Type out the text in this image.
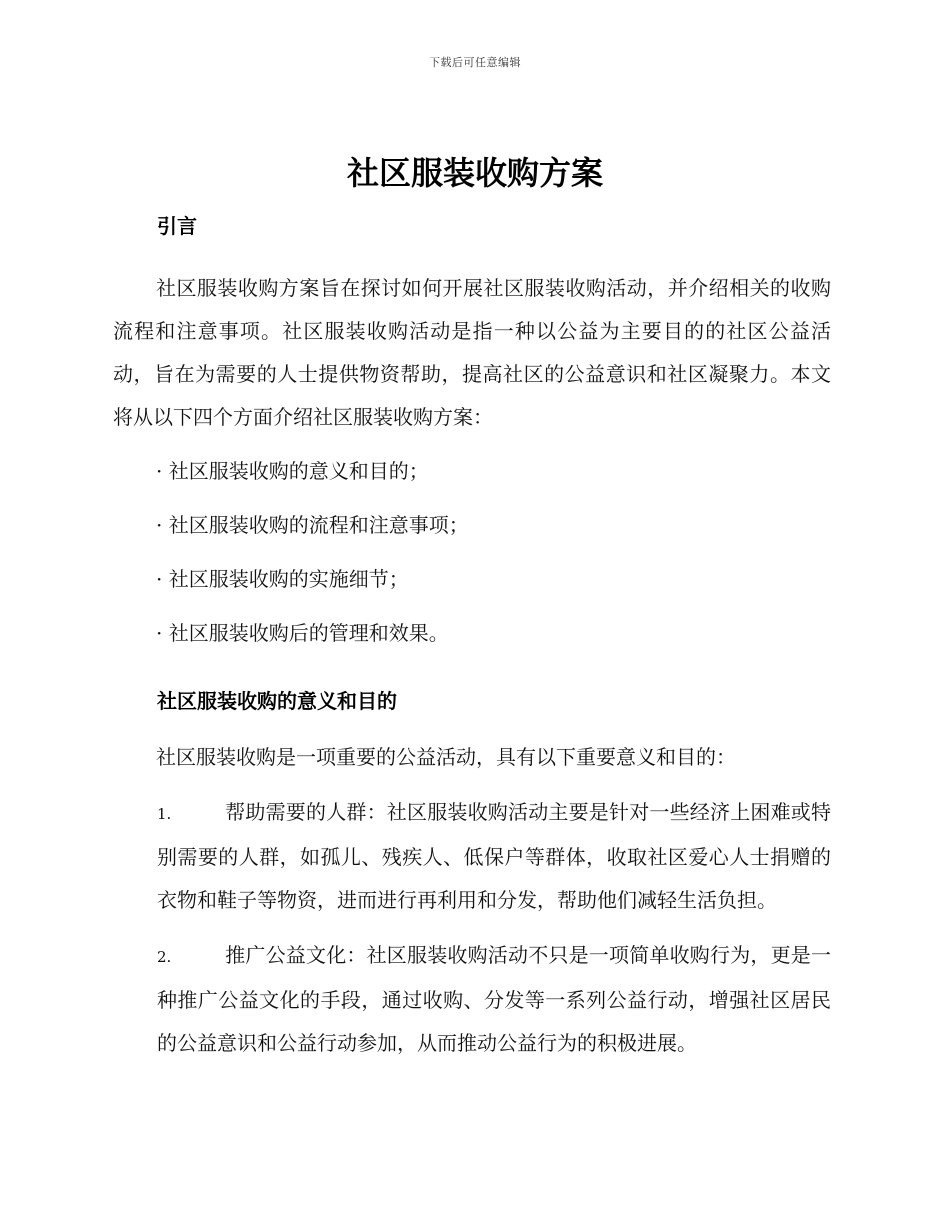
下载后可任意编辑
社区服装收购方案
引言

社区服装收购方案旨在探讨如何开展社区服装收购活动，并介绍相关的收购流程和注意事项。社区服装收购活动是指一种以公益为主要目的的社区公益活动，旨在为需要的人士提供物资帮助，提高社区的公益意识和社区凝聚力。本文将从以下四个方面介绍社区服装收购方案：

· 社区服装收购的意义和目的；
· 社区服装收购的流程和注意事项；
· 社区服装收购的实施细节；
· 社区服装收购后的管理和效果。
社区服装收购的意义和目的

社区服装收购是一项重要的公益活动，具有以下重要意义和目的：

1.	帮助需要的人群：社区服装收购活动主要是针对一些经济上困难或特别需要的人群，如孤儿、残疾人、低保户等群体，收取社区爱心人士捐赠的衣物和鞋子等物资，进而进行再利用和分发，帮助他们减轻生活负担。
2.	推广公益文化：社区服装收购活动不只是一项简单收购行为，更是一种推广公益文化的手段，通过收购、分发等一系列公益行动，增强社区居民的公益意识和公益行动参加，从而推动公益行为的积极进展。
